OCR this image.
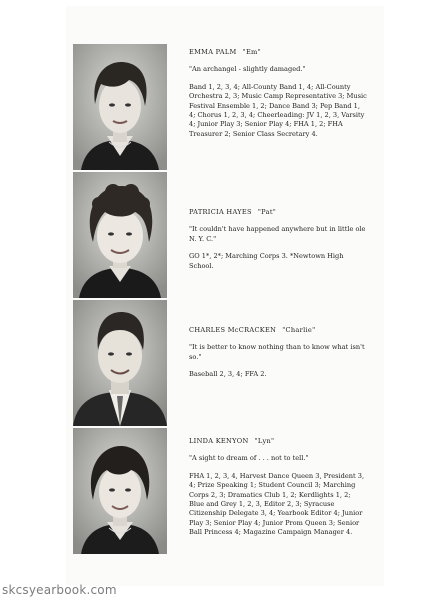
EMMA PALM "Em"
"An archangel - slightly damaged."
Band 1, 2, 3, 4; All-County Band 1, 4; All-County Orchestra 2, 3; Music Camp Representative 3; Music Festival Ensemble 1, 2; Dance Band 3; Pep Band 1, 4; Chorus 1, 2, 3, 4; Cheerleading: JV 1, 2, 3, Varsity 4; Junior Play 3; Senior Play 4; FHA 1, 2; FHA Treasurer 2; Senior Class Secretary 4.
PATRICIA HAYES "Pat"
"It couldn't have happened anywhere but in little ole N. Y. C."
GO 1*, 2*; Marching Corps 3. *Newtown High School.
CHARLES McCRACKEN "Charlie"
"It is better to know nothing than to know what isn't so."
Baseball 2, 3, 4; FFA 2.
LINDA KENYON "Lyn"
"A sight to dream of . . . not to tell."
FHA 1, 2, 3, 4, Harvest Dance Queen 3, President 3, 4; Prize Speaking 1; Student Council 3; Marching Corps 2, 3; Dramatics Club 1, 2; Kerdlights 1, 2; Blue and Grey 1, 2, 3, Editor 2, 3; Syracuse Citizenship Delegate 3, 4; Yearbook Editor 4; Junior Play 3; Senior Play 4; Junior Prom Queen 3; Senior Ball Princess 4; Magazine Campaign Manager 4.
skcsyearbook.com
